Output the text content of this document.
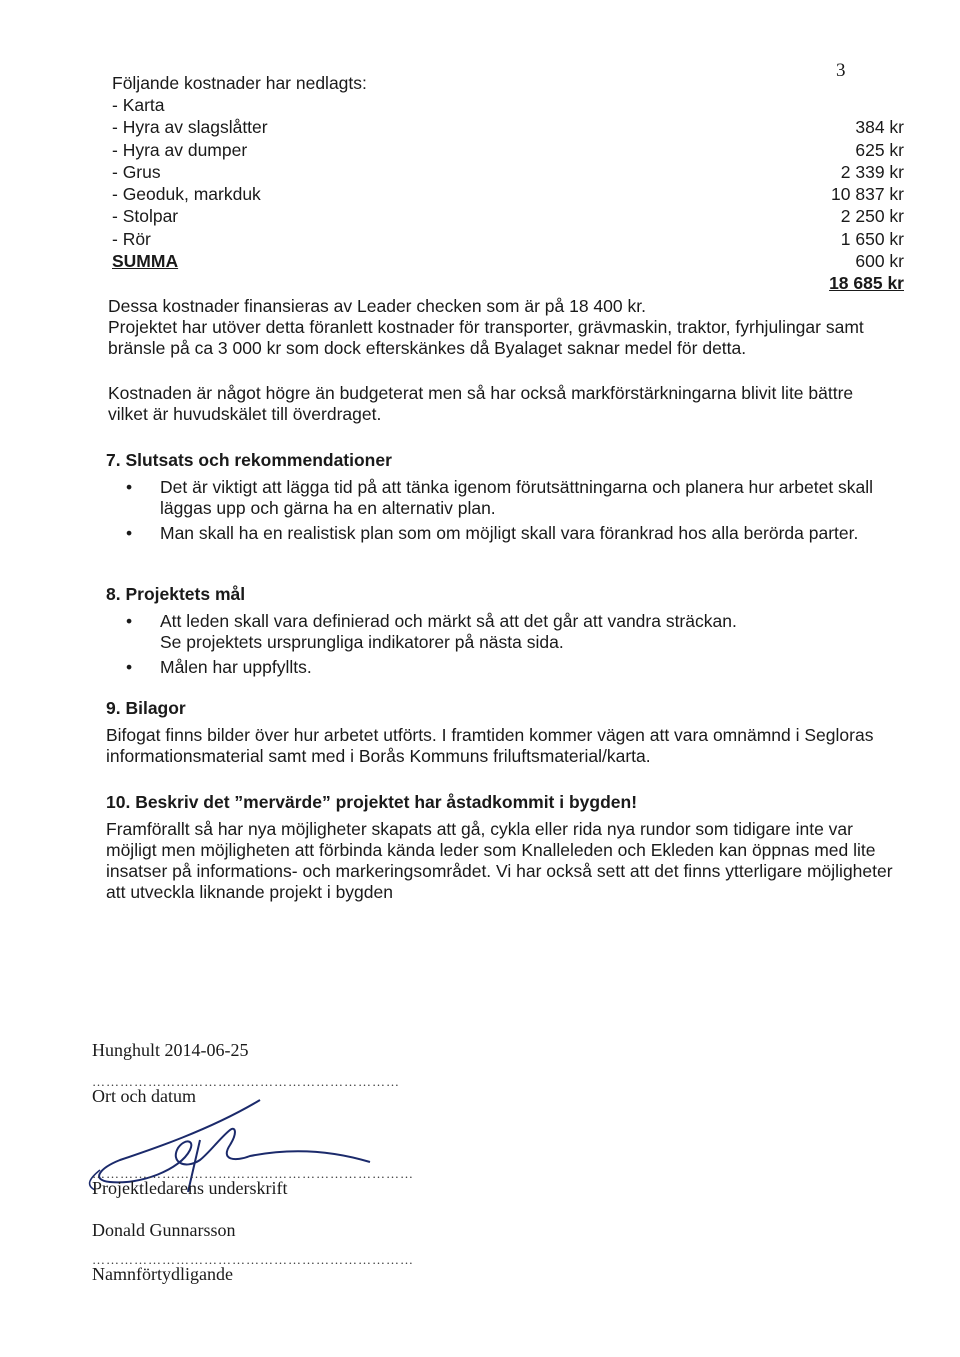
3

Följande kostnader har nedlagts:

- Karta
384 kr
- Hyra av slagslåtter
625 kr
- Hyra av dumper
2 339 kr
- Grus
10 837 kr
- Geoduk, markduk
2 250 kr
- Stolpar
1 650 kr
- Rör
600 kr
SUMMA
18 685 kr

Dessa kostnader finansieras av Leader checken som är på 18 400 kr.

Projektet har utöver detta föranlett kostnader för transporter, grävmaskin, traktor, fyrhjulingar samt bränsle på ca 3 000 kr som dock efterskänkes då Byalaget saknar medel för detta.

Kostnaden är något högre än budgeterat men så har också markförstärkningarna blivit lite bättre vilket är huvudskälet till överdraget.

7. Slutsats och rekommendationer
• Det är viktigt att lägga tid på att tänka igenom förutsättningarna och planera hur arbetet skall läggas upp och gärna ha en alternativ plan.
• Man skall ha en realistisk plan som om möjligt skall vara förankrad hos alla berörda parter.
8. Projektets mål
• Att leden skall vara definierad och märkt så att det går att vandra sträckan.
Se projektets ursprungliga indikatorer på nästa sida.
• Målen har uppfyllts.
9. Bilagor

Bifogat finns bilder över hur arbetet utförts. I framtiden kommer vägen att vara omnämnd i Segloras informationsmaterial samt med i Borås Kommuns friluftsmaterial/karta.

10. Beskriv det ”mervärde” projektet har åstadkommit i bygden!

Framförallt så har nya möjligheter skapats att gå, cykla eller rida nya rundor som tidigare inte var möjligt men möjligheten att förbinda kända leder som Knalleleden och Ekleden kan öppnas med lite insatser på informations- och markeringsområdet. Vi har också sett att det finns ytterligare möjligheter att utveckla liknande projekt i bygden

Hunghult 2014-06-25
…………………………………………………………
Ort och datum
……………………………………………………………
Projektledarens underskrift
Donald Gunnarsson
……………………………………………………………
Namnförtydligande
